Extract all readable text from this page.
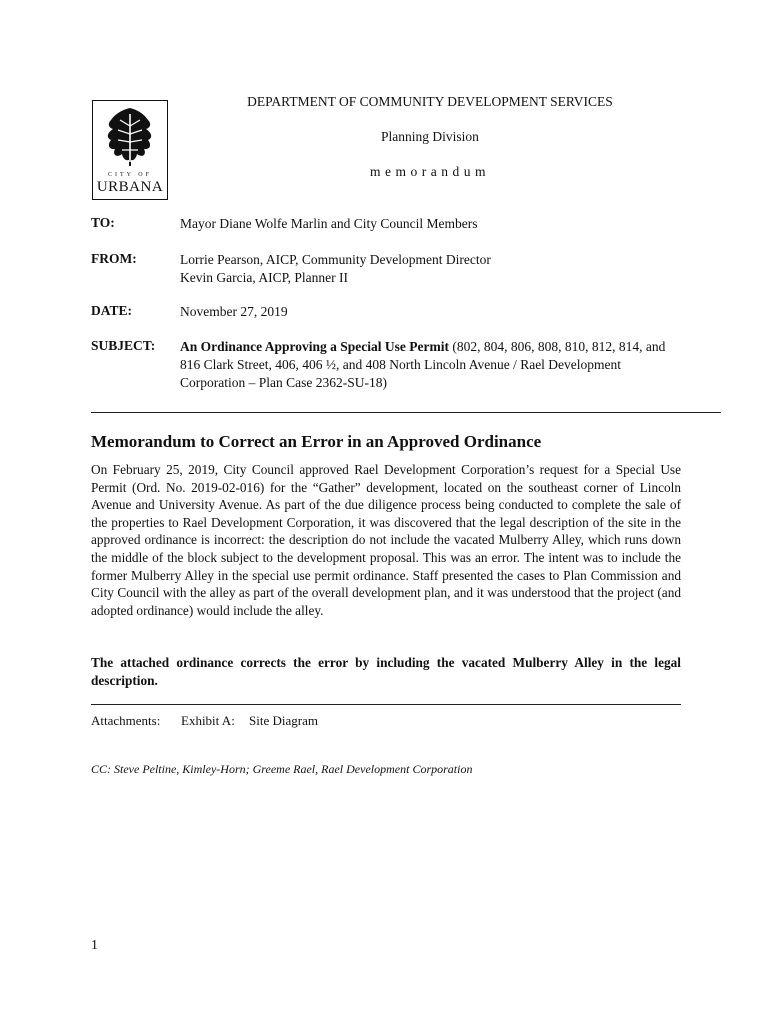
CITY OF
URBANA
DEPARTMENT OF COMMUNITY DEVELOPMENT SERVICES
Planning Division
memorandum
TO:	Mayor Diane Wolfe Marlin and City Council Members
FROM:	Lorrie Pearson, AICP, Community Development Director
Kevin Garcia, AICP, Planner II
DATE:	November 27, 2019
SUBJECT: An Ordinance Approving a Special Use Permit (802, 804, 806, 808, 810, 812, 814, and 816 Clark Street, 406, 406 ½, and 408 North Lincoln Avenue / Rael Development Corporation – Plan Case 2362-SU-18)
Memorandum to Correct an Error in an Approved Ordinance
On February 25, 2019, City Council approved Rael Development Corporation’s request for a Special Use Permit (Ord. No. 2019-02-016) for the “Gather” development, located on the southeast corner of Lincoln Avenue and University Avenue. As part of the due diligence process being conducted to complete the sale of the properties to Rael Development Corporation, it was discovered that the legal description of the site in the approved ordinance is incorrect: the description do not include the vacated Mulberry Alley, which runs down the middle of the block subject to the development proposal. This was an error. The intent was to include the former Mulberry Alley in the special use permit ordinance. Staff presented the cases to Plan Commission and City Council with the alley as part of the overall development plan, and it was understood that the project (and adopted ordinance) would include the alley.
The attached ordinance corrects the error by including the vacated Mulberry Alley in the legal description.
Attachments: Exhibit A: Site Diagram
CC: Steve Peltine, Kimley-Horn; Greeme Rael, Rael Development Corporation
1
